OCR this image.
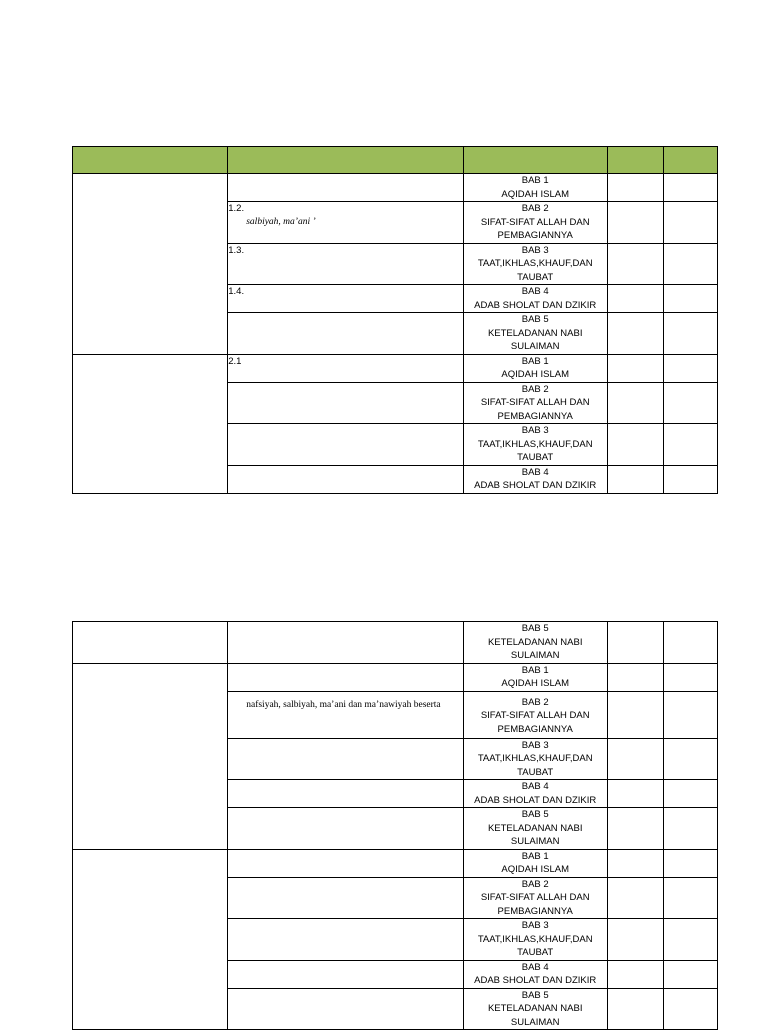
		BAB 1
AQIDAH ISLAM		

	1.2.
salbiyah, ma’ani ’	BAB 2
SIFAT-SIFAT ALLAH DAN
PEMBAGIANNYA		

	1.3.	BAB 3
TAAT,IKHLAS,KHAUF,DAN
TAUBAT		

	1.4.	BAB 4
ADAB SHOLAT DAN DZIKIR		

		BAB 5
KETELADANAN NABI
SULAIMAN		

	2.1	BAB 1
AQIDAH ISLAM		

		BAB 2
SIFAT-SIFAT ALLAH DAN
PEMBAGIANNYA		

		BAB 3
TAAT,IKHLAS,KHAUF,DAN
TAUBAT		

		BAB 4
ADAB SHOLAT DAN DZIKIR		

		BAB 5
KETELADANAN NABI
SULAIMAN		

		BAB 1
AQIDAH ISLAM		

	nafsiyah, salbiyah, ma’ani dan ma’nawiyah beserta	BAB 2
SIFAT-SIFAT ALLAH DAN
PEMBAGIANNYA		

		BAB 3
TAAT,IKHLAS,KHAUF,DAN
TAUBAT		

		BAB 4
ADAB SHOLAT DAN DZIKIR		

		BAB 5
KETELADANAN NABI
SULAIMAN		

		BAB 1
AQIDAH ISLAM		

		BAB 2
SIFAT-SIFAT ALLAH DAN
PEMBAGIANNYA		

		BAB 3
TAAT,IKHLAS,KHAUF,DAN
TAUBAT		

		BAB 4
ADAB SHOLAT DAN DZIKIR		

		BAB 5
KETELADANAN NABI
SULAIMAN		
